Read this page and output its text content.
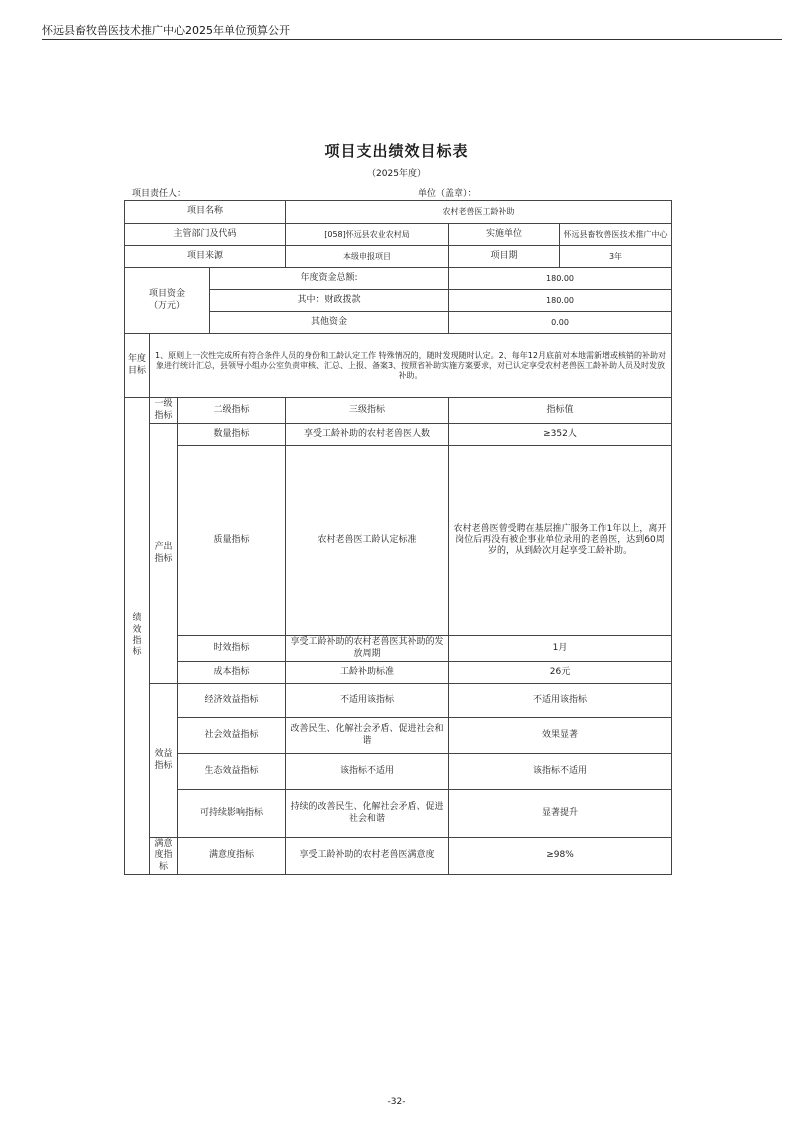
怀远县畜牧兽医技术推广中心2025年单位预算公开
项目支出绩效目标表
（2025年度）
项目责任人：	单位（盖章）：
项目名称				农村老兽医工龄补助		
主管部门及代码				[058]怀远县农业农村局	实施单位	怀远县畜牧兽医技术推广中心
项目来源				本级申报项目	项目期	3年

项目资金
（万元）			年度资金总额:		180.00	
			其中：财政拨款		180.00	
			其他资金		0.00	

年度
目标	1、原则上一次性完成所有符合条件人员的身份和工龄认定工作 特殊情况的，随时发现随时认定。2、每年12月底前对本地需新增或核销的补助对象进行统计汇总，县领导小组办公室负责审核、汇总、上报、备案3、按照省补助实施方案要求，对已认定享受农村老兽医工龄补助人员及时发放补助。					

绩
效
指
标	一级指标	二级指标		三级指标	指标值	
	产出指标	数量指标		享受工龄补助的农村老兽医人数	≥352人	
		质量指标		农村老兽医工龄认定标准	农村老兽医曾受聘在基层推广服务工作1年以上，离开岗位后再没有被企事业单位录用的老兽医，达到60周岁的，从到龄次月起享受工龄补助。	
		时效指标		享受工龄补助的农村老兽医其补助的发放周期	1月	
		成本指标		工龄补助标准	26元	
	效益指标	经济效益指标		不适用该指标	不适用该指标	
		社会效益指标		改善民生、化解社会矛盾、促进社会和谐	效果显著	
		生态效益指标		该指标不适用	该指标不适用	
		可持续影响指标		持续的改善民生、化解社会矛盾、促进社会和谐	显著提升	
	满意度指标	满意度指标		享受工龄补助的农村老兽医满意度	≥98%	
-32-
